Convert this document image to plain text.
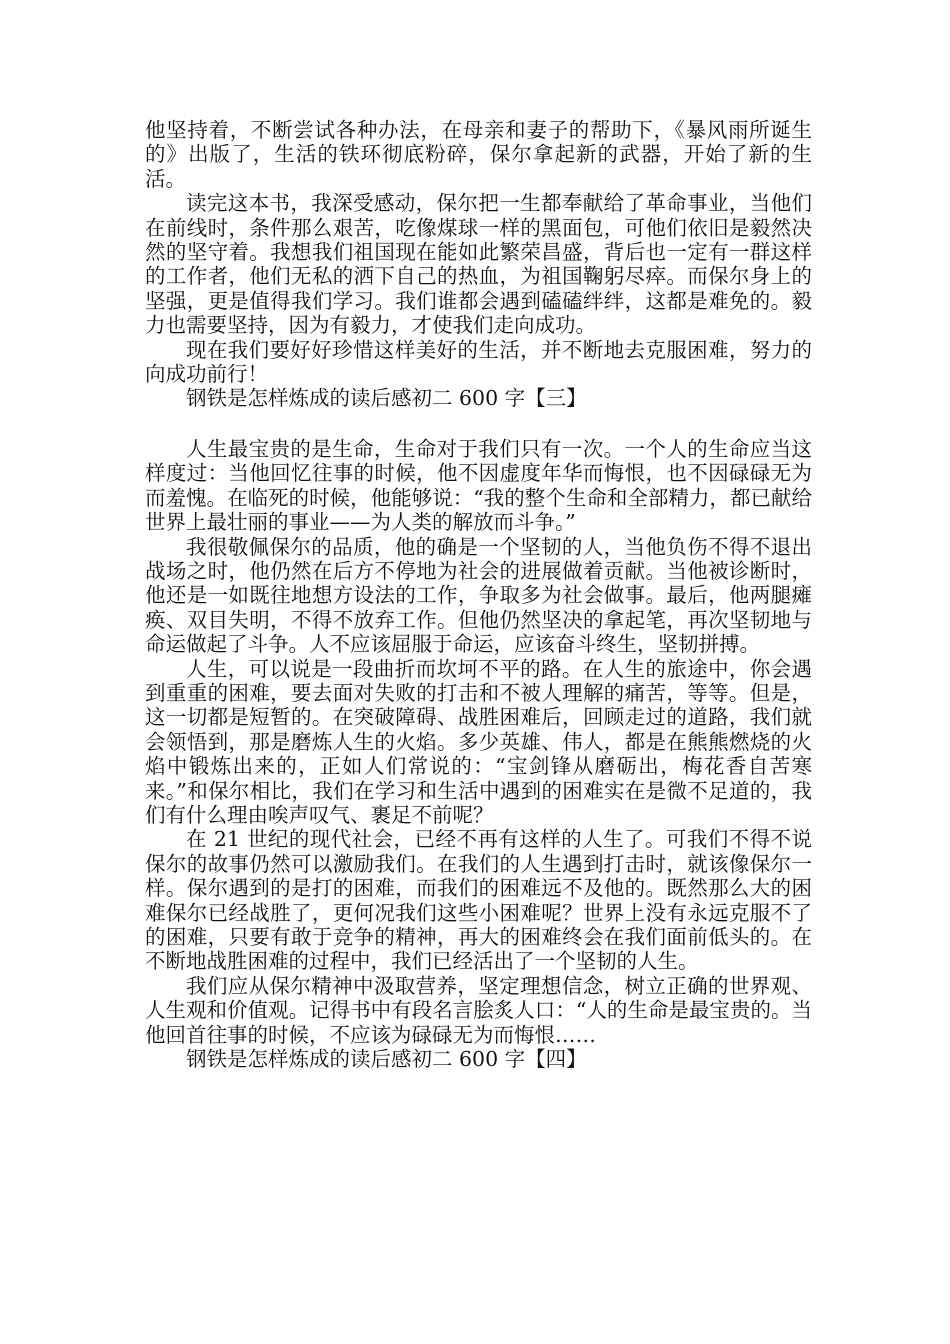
他坚持着，不断尝试各种办法，在母亲和妻子的帮助下，《暴风雨所诞生的》出版了，生活的铁环彻底粉碎，保尔拿起新的武器，开始了新的生活。

读完这本书，我深受感动，保尔把一生都奉献给了革命事业，当他们在前线时，条件那么艰苦，吃像煤球一样的黑面包，可他们依旧是毅然决然的坚守着。我想我们祖国现在能如此繁荣昌盛，背后也一定有一群这样的工作者，他们无私的洒下自己的热血，为祖国鞠躬尽瘁。而保尔身上的坚强，更是值得我们学习。我们谁都会遇到磕磕绊绊，这都是难免的。毅力也需要坚持，因为有毅力，才使我们走向成功。

现在我们要好好珍惜这样美好的生活，并不断地去克服困难，努力的向成功前行！

钢铁是怎样炼成的读后感初二 600 字【三】

人生最宝贵的是生命，生命对于我们只有一次。一个人的生命应当这样度过：当他回忆往事的时候，他不因虚度年华而悔恨，也不因碌碌无为而羞愧。在临死的时候，他能够说：“我的整个生命和全部精力，都已献给世界上最壮丽的事业——为人类的解放而斗争。”

我很敬佩保尔的品质，他的确是一个坚韧的人，当他负伤不得不退出战场之时，他仍然在后方不停地为社会的进展做着贡献。当他被诊断时，他还是一如既往地想方设法的工作，争取多为社会做事。最后，他两腿瘫痪、双目失明，不得不放弃工作。但他仍然坚决的拿起笔，再次坚韧地与命运做起了斗争。人不应该屈服于命运，应该奋斗终生，坚韧拼搏。

人生，可以说是一段曲折而坎坷不平的路。在人生的旅途中，你会遇到重重的困难，要去面对失败的打击和不被人理解的痛苦，等等。但是，这一切都是短暂的。在突破障碍、战胜困难后，回顾走过的道路，我们就会领悟到，那是磨炼人生的火焰。多少英雄、伟人，都是在熊熊燃烧的火焰中锻炼出来的，正如人们常说的：“宝剑锋从磨砺出，梅花香自苦寒来。”和保尔相比，我们在学习和生活中遇到的困难实在是微不足道的，我们有什么理由唉声叹气、裹足不前呢？

在 21 世纪的现代社会，已经不再有这样的人生了。可我们不得不说保尔的故事仍然可以激励我们。在我们的人生遇到打击时，就该像保尔一样。保尔遇到的是打的困难，而我们的困难远不及他的。既然那么大的困难保尔已经战胜了，更何况我们这些小困难呢？世界上没有永远克服不了的困难，只要有敢于竞争的精神，再大的困难终会在我们面前低头的。在不断地战胜困难的过程中，我们已经活出了一个坚韧的人生。

我们应从保尔精神中汲取营养，坚定理想信念，树立正确的世界观、人生观和价值观。记得书中有段名言脍炙人口：“人的生命是最宝贵的。当他回首往事的时候，不应该为碌碌无为而悔恨……

钢铁是怎样炼成的读后感初二 600 字【四】
